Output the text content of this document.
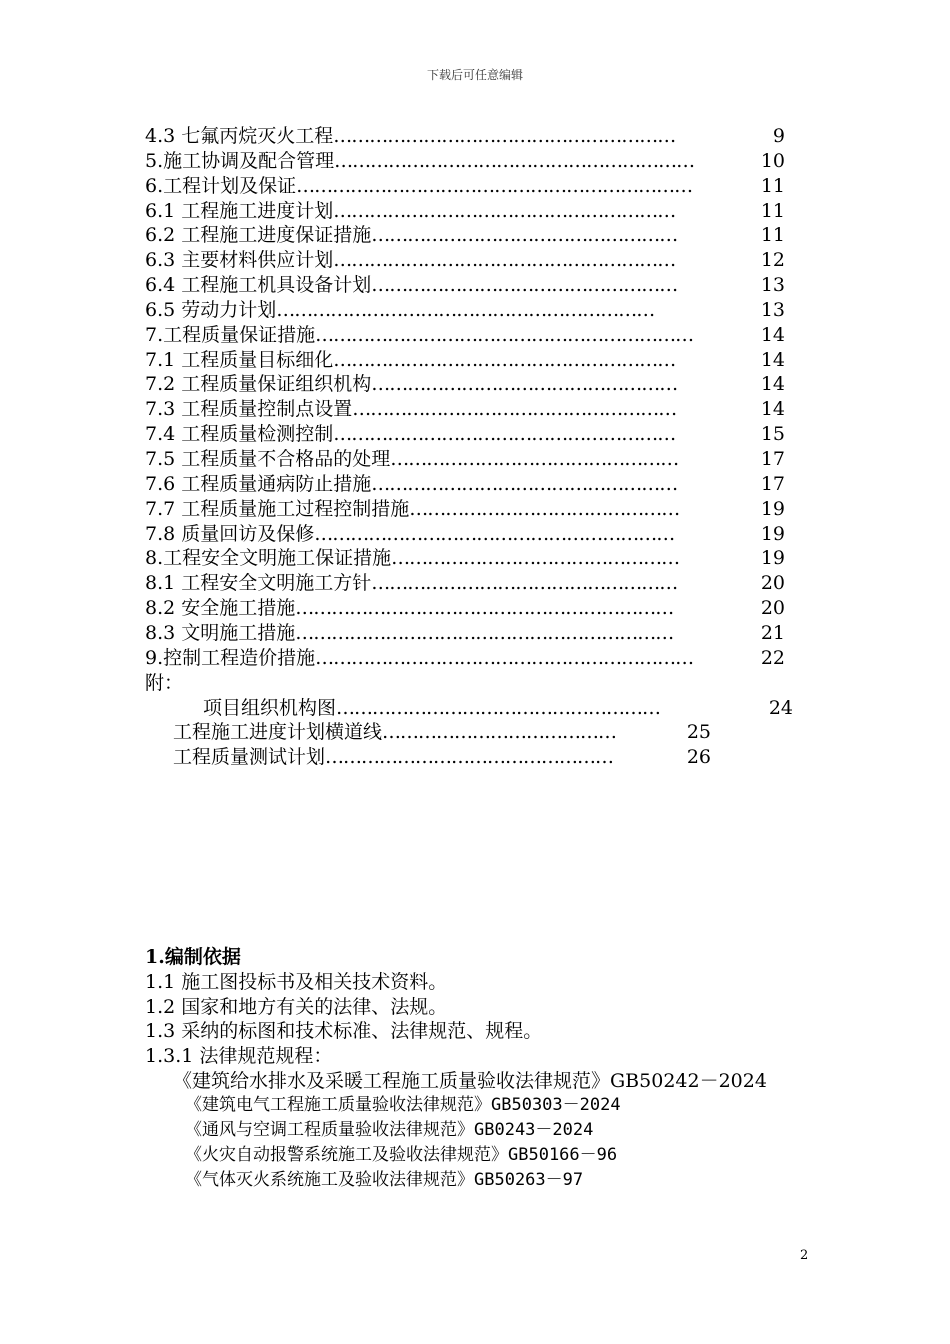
下载后可任意编辑
4.3 七氟丙烷灭火工程 …………………………………………………	9
5.施工协调及配合管理 ……………………………………………………	10
6.工程计划及保证 …………………………………………………………	11
6.1 工程施工进度计划 …………………………………………………	11
6.2 工程施工进度保证措施 ……………………………………………	11
6.3 主要材料供应计划 …………………………………………………	12
6.4 工程施工机具设备计划 ……………………………………………	13
6.5 劳动力计划 ………………………………………………………	13
7.工程质量保证措施 ………………………………………………………	14
7.1 工程质量目标细化 …………………………………………………	14
7.2 工程质量保证组织机构 ……………………………………………	14
7.3 工程质量控制点设置 ………………………………………………	14
7.4 工程质量检测控制 …………………………………………………	15
7.5 工程质量不合格品的处理 …………………………………………	17
7.6 工程质量通病防止措施 ……………………………………………	17
7.7 工程质量施工过程控制措施 ………………………………………	19
7.8 质量回访及保修 ……………………………………………………	19
8.工程安全文明施工保证措施 …………………………………………	19
8.1 工程安全文明施工方针 ……………………………………………	20
8.2 安全施工措施 ………………………………………………………	20
8.3 文明施工措施 ………………………………………………………	21
9.控制工程造价措施 ………………………………………………………	22
附：
项目组织机构图 ………………………………………………	24
工程施工进度计划横道线 …………………………………	25
工程质量测试计划 …………………………………………	26
1.编制依据
1.1 施工图投标书及相关技术资料。
1.2 国家和地方有关的法律、法规。
1.3 采纳的标图和技术标准、法律规范、规程。
1.3.1 法律规范规程：
《建筑给水排水及采暖工程施工质量验收法律规范》GB50242－2024
《建筑电气工程施工质量验收法律规范》GB50303－2024
《通风与空调工程质量验收法律规范》GB0243－2024
《火灾自动报警系统施工及验收法律规范》GB50166－96
《气体灭火系统施工及验收法律规范》GB50263－97
2
